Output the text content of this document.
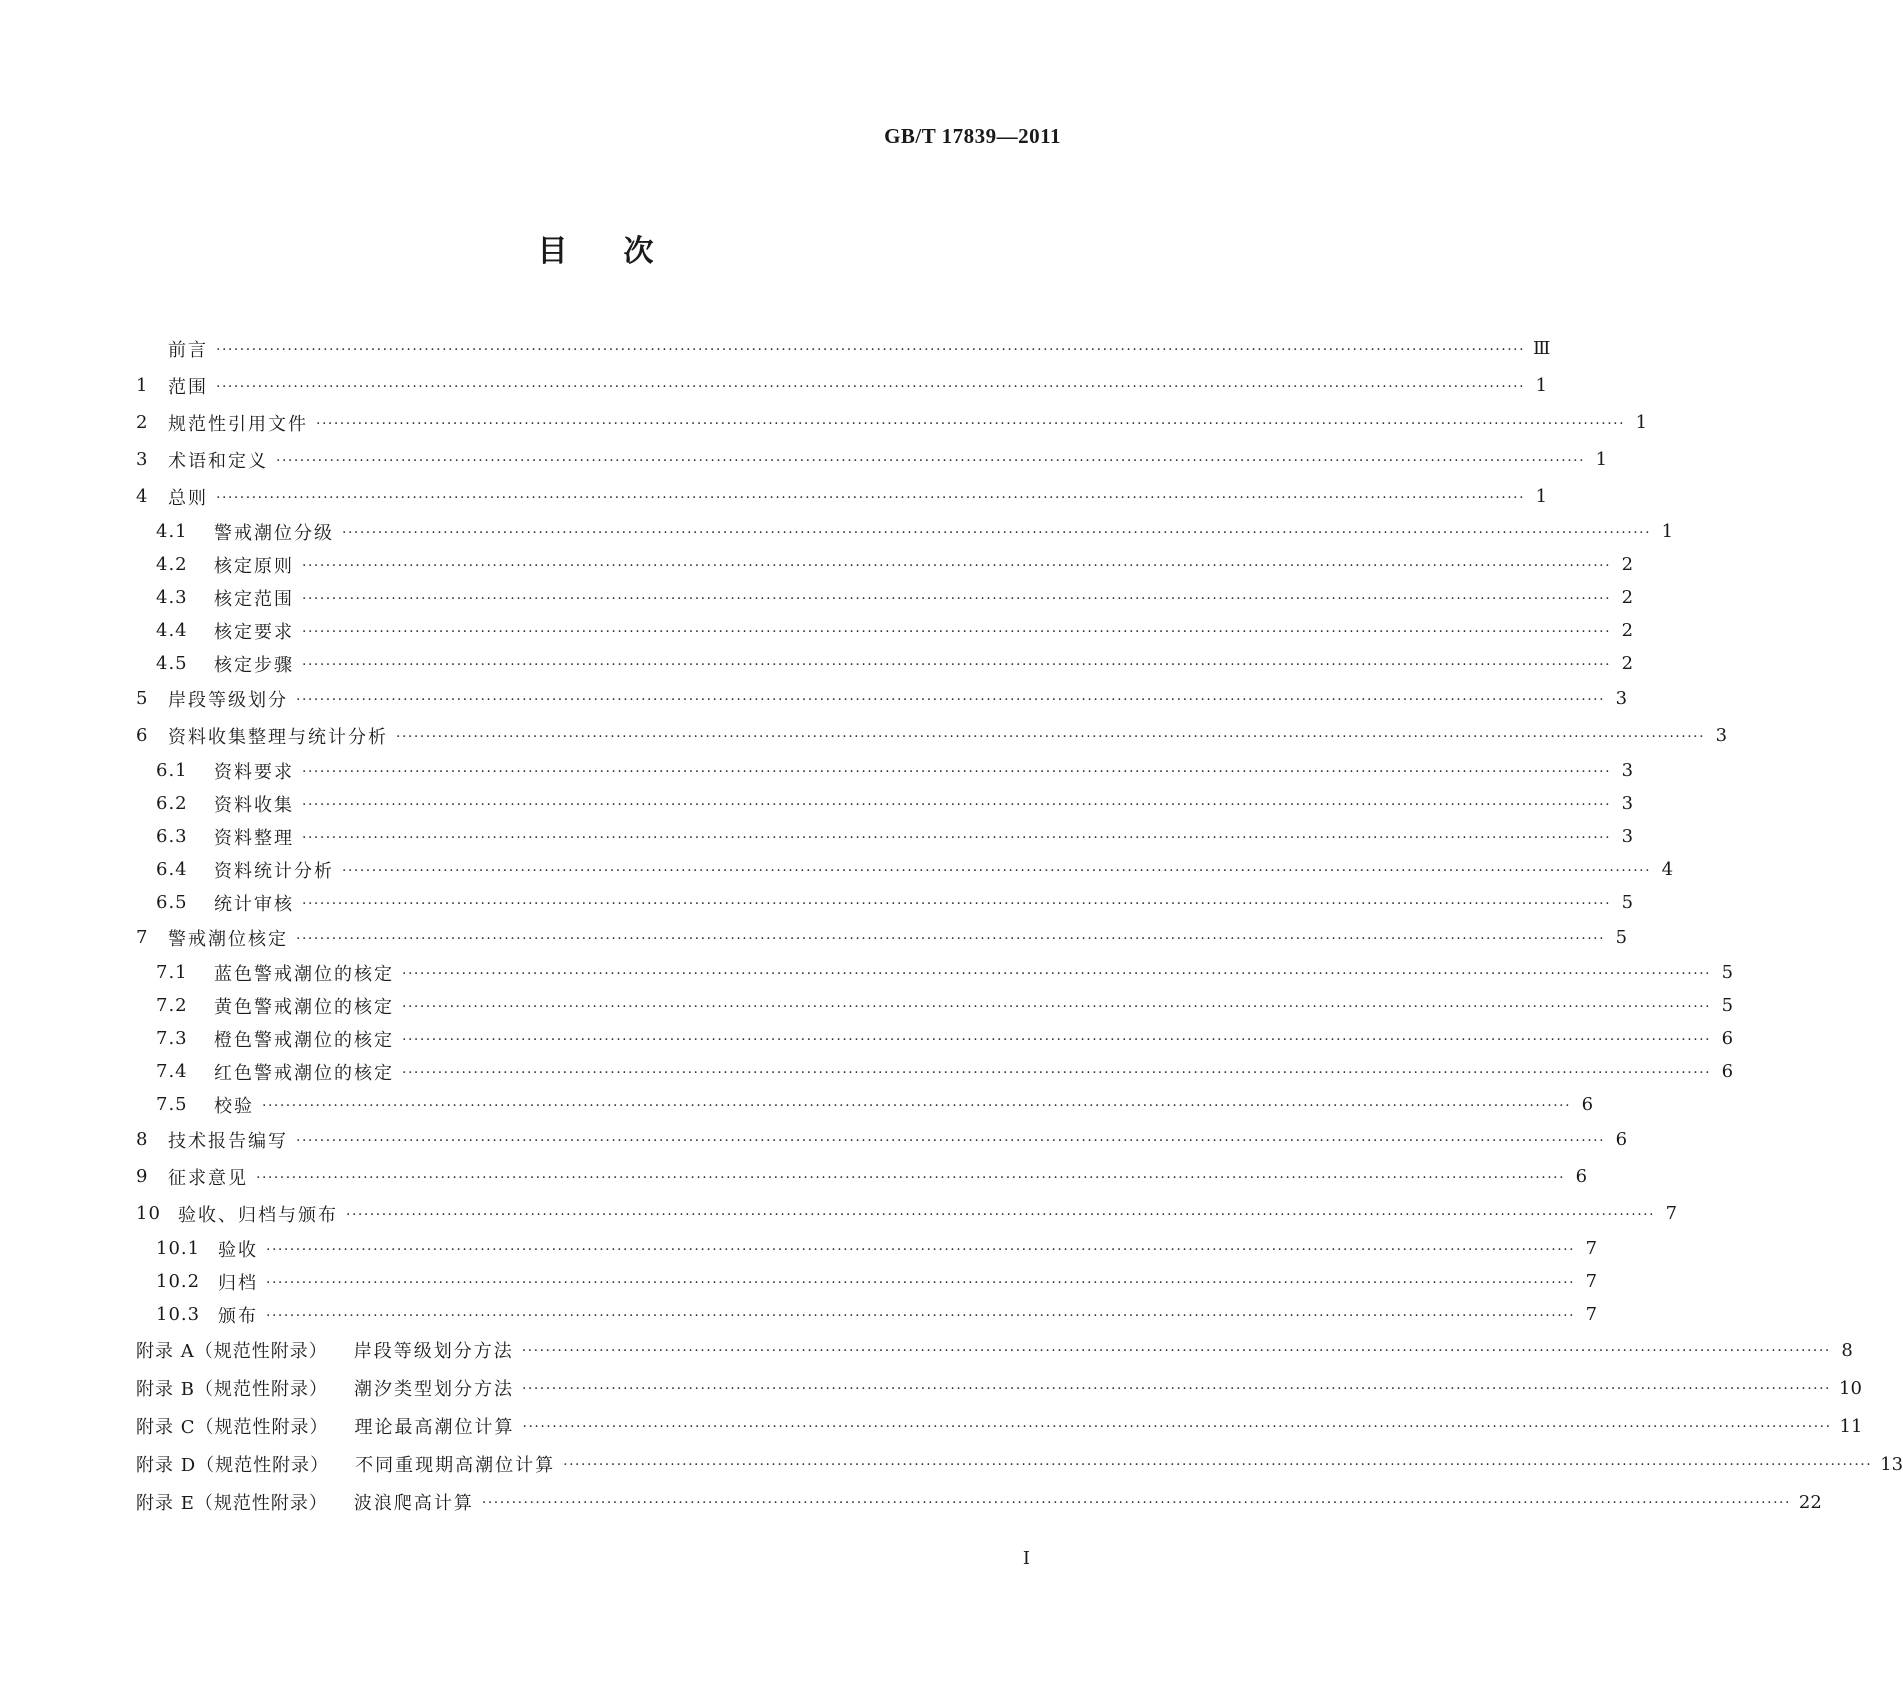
GB/T 17839—2011
目次
前言 ···························································································································································································································· Ⅲ
1	范围 ···························································································································································································································· 1
2	规范性引用文件 ···························································································································································································································· 1
3	术语和定义 ···························································································································································································································· 1
4	总则 ···························································································································································································································· 1
4.1	警戒潮位分级 ···························································································································································································································· 1
4.2	核定原则 ···························································································································································································································· 2
4.3	核定范围 ···························································································································································································································· 2
4.4	核定要求 ···························································································································································································································· 2
4.5	核定步骤 ···························································································································································································································· 2
5	岸段等级划分 ···························································································································································································································· 3
6	资料收集整理与统计分析 ···························································································································································································································· 3
6.1	资料要求 ···························································································································································································································· 3
6.2	资料收集 ···························································································································································································································· 3
6.3	资料整理 ···························································································································································································································· 3
6.4	资料统计分析 ···························································································································································································································· 4
6.5	统计审核 ···························································································································································································································· 5
7	警戒潮位核定 ···························································································································································································································· 5
7.1	蓝色警戒潮位的核定 ···························································································································································································································· 5
7.2	黄色警戒潮位的核定 ···························································································································································································································· 5
7.3	橙色警戒潮位的核定 ···························································································································································································································· 6
7.4	红色警戒潮位的核定 ···························································································································································································································· 6
7.5	校验 ···························································································································································································································· 6
8	技术报告编写 ···························································································································································································································· 6
9	征求意见 ···························································································································································································································· 6
10 验收、归档与颁布 ···························································································································································································································· 7
10.1 验收 ···························································································································································································································· 7
10.2 归档 ···························································································································································································································· 7
10.3 颁布 ···························································································································································································································· 7
附录 A（规范性附录）	岸段等级划分方法 ···························································································································································································································· 8
附录 B（规范性附录）	潮汐类型划分方法 ···························································································································································································································· 10
附录 C（规范性附录）	理论最高潮位计算 ···························································································································································································································· 11
附录 D（规范性附录）	不同重现期高潮位计算 ···························································································································································································································· 13
附录 E（规范性附录）	波浪爬高计算 ···························································································································································································································· 22
I
